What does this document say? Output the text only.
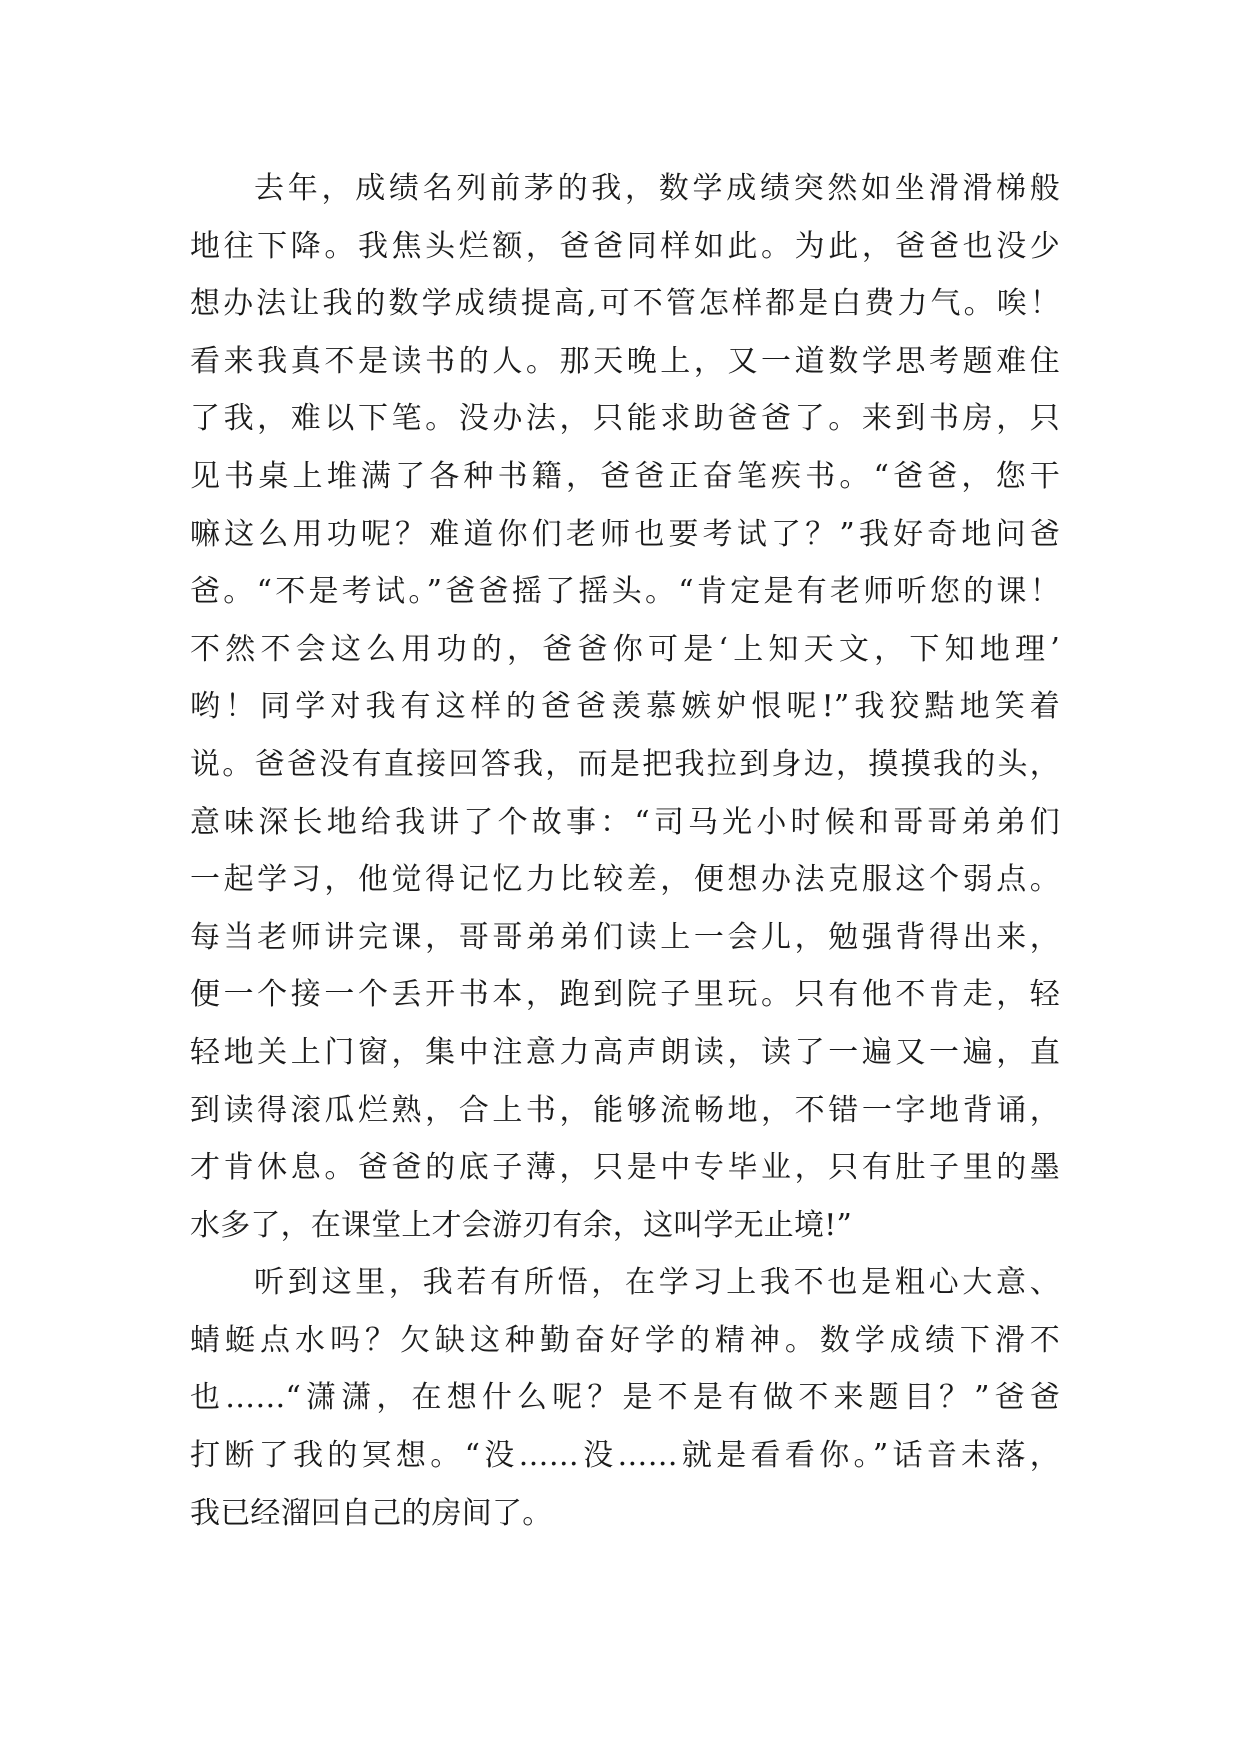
去年，成绩名列前茅的我，数学成绩突然如坐滑滑梯般
地往下降。我焦头烂额，爸爸同样如此。为此，爸爸也没少
想办法让我的数学成绩提高,可不管怎样都是白费力气。唉！
看来我真不是读书的人。那天晚上，又一道数学思考题难住
了我，难以下笔。没办法，只能求助爸爸了。来到书房，只
见书桌上堆满了各种书籍，爸爸正奋笔疾书。“爸爸，您干
嘛这么用功呢？难道你们老师也要考试了？”我好奇地问爸
爸。“不是考试。”爸爸摇了摇头。“肯定是有老师听您的课！
不然不会这么用功的，爸爸你可是‘上知天文，下知地理’
哟！同学对我有这样的爸爸羡慕嫉妒恨呢!”我狡黠地笑着
说。爸爸没有直接回答我，而是把我拉到身边，摸摸我的头，
意味深长地给我讲了个故事：“司马光小时候和哥哥弟弟们
一起学习，他觉得记忆力比较差，便想办法克服这个弱点。
每当老师讲完课，哥哥弟弟们读上一会儿，勉强背得出来，
便一个接一个丢开书本，跑到院子里玩。只有他不肯走，轻
轻地关上门窗，集中注意力高声朗读，读了一遍又一遍，直
到读得滚瓜烂熟，合上书，能够流畅地，不错一字地背诵，
才肯休息。爸爸的底子薄，只是中专毕业，只有肚子里的墨
水多了，在课堂上才会游刃有余，这叫学无止境!”
听到这里，我若有所悟，在学习上我不也是粗心大意、
蜻蜓点水吗？欠缺这种勤奋好学的精神。数学成绩下滑不
也……“潇潇，在想什么呢？是不是有做不来题目？”爸爸
打断了我的冥想。“没……没……就是看看你。”话音未落，
我已经溜回自己的房间了。
